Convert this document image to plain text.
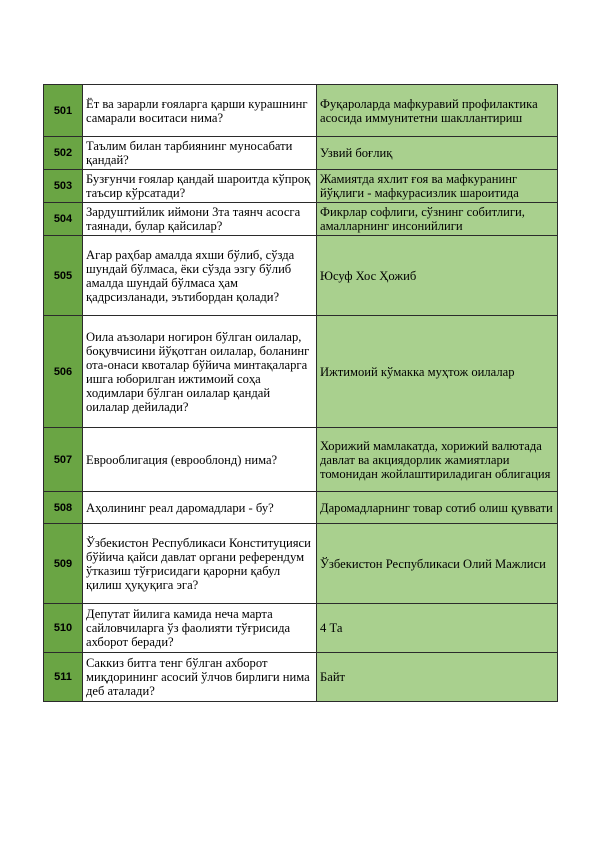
501	Ёт ва зарарли ғояларга қарши курашнинг самарали воситаси нима?	Фуқароларда мафкуравий профилактика асосида иммунитетни шакллантириш
502	Таълим билан тарбиянинг муносабати қандай?	Узвий боғлиқ
503	Бузғунчи ғоялар қандай шароитда кўпроқ таъсир кўрсатади?	Жамиятда яхлит ғоя ва мафкуранинг йўқлиги - мафкурасизлик шароитида
504	Зардуштийлик иймони 3та таянч асосга таянади, булар қайсилар?	Фикрлар софлиги, сўзнинг собитлиги, амалларнинг инсонийлиги
505	Агар раҳбар амалда яхши бўлиб, сўзда шундай бўлмаса, ёки сўзда эзгу бўлиб амалда шундай бўлмаса ҳам қадрсизланади, эътибордан қолади?	Юсуф Хос Ҳожиб
506	Оила аъзолари ногирон бўлган оилалар, боқувчисини йўқотган оилалар, боланинг ота-онаси квоталар бўйича минтақаларга ишга юборилган ижтимоий соҳа ходимлари бўлган оилалар қандай оилалар дейилади?	Ижтимоий кўмакка муҳтож оилалар
507	Еврооблигация (еврооблонд) нима?	Хорижий мамлакатда, хорижий валютада давлат ва акциядорлик жамиятлари томонидан жойлаштириладиган облигация
508	Аҳолининг реал даромадлари - бу?	Даромадларнинг товар сотиб олиш қуввати
509	Ўзбекистон Республикаси Конституцияси бўйича қайси давлат органи референдум ўтказиш тўғрисидаги қарорни қабул қилиш ҳуқуқига эга?	Ўзбекистон Республикаси Олий Мажлиси
510	Депутат йилига камида неча марта сайловчиларга ўз фаолияти тўғрисида ахборот беради?	4 Та
511	Саккиз битга тенг бўлган ахборот миқдорининг асосий ўлчов бирлиги нима деб аталади?	Байт
